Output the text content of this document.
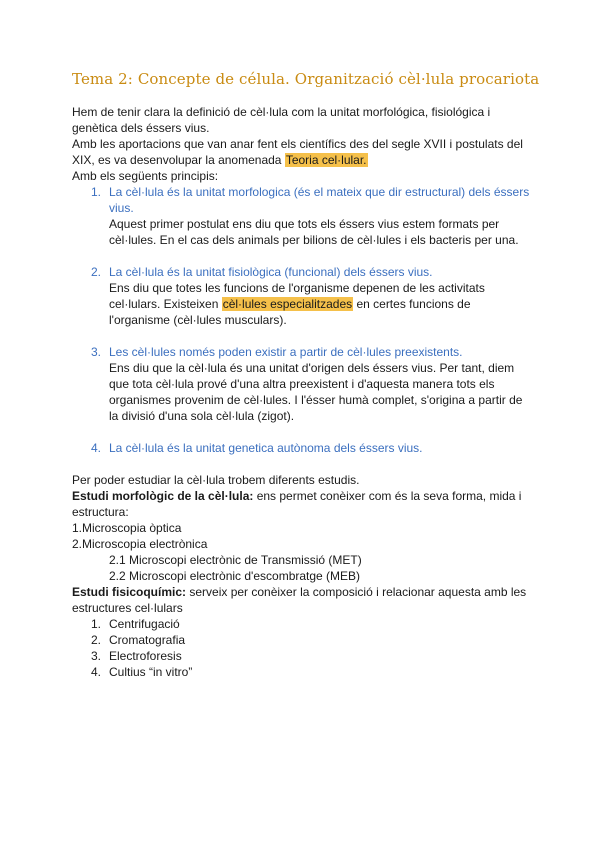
Tema 2: Concepte de célula. Organització cèl·lula procariota

Hem de tenir clara la definició de cèl·lula com la unitat morfológica, fisiológica i genètica dels éssers vius.

Amb les aportacions que van anar fent els científics des del segle XVII i postulats del XIX, es va desenvolupar la anomenada Teoria cel·lular.

Amb els següents principis:

1. La cèl·lula és la unitat morfologica (és el mateix que dir estructural) dels éssers vius.
Aquest primer postulat ens diu que tots els éssers vius estem formats per cèl·lules. En el cas dels animals per bilions de cèl·lules i els bacteris per una.
2. La cèl·lula és la unitat fisiològica (funcional) dels éssers vius.
Ens diu que totes les funcions de l'organisme depenen de les activitats cel·lulars. Existeixen cèl·lules especialitzades en certes funcions de l'organisme (cèl·lules musculars).
3. Les cèl·lules només poden existir a partir de cèl·lules preexistents.
Ens diu que la cèl·lula és una unitat d'origen dels éssers vius. Per tant, diem que tota cèl·lula prové d'una altra preexistent i d'aquesta manera tots els organismes provenim de cèl·lules. I l'ésser humà complet, s'origina a partir de la divisió d'una sola cèl·lula (zigot).
4. La cèl·lula és la unitat genetica autònoma dels éssers vius.

Per poder estudiar la cèl·lula trobem diferents estudis.

Estudi morfològic de la cèl·lula: ens permet conèixer com és la seva forma, mida i estructura:

1.Microscopia òptica

2.Microscopia electrònica

2.1 Microscopi electrònic de Transmissió (MET)

2.2 Microscopi electrònic d'escombratge (MEB)

Estudi fisicoquímic: serveix per conèixer la composició i relacionar aquesta amb les estructures cel·lulars

1. Centrifugació
2. Cromatografia
3. Electroforesis
4. Cultius “in vitro”
